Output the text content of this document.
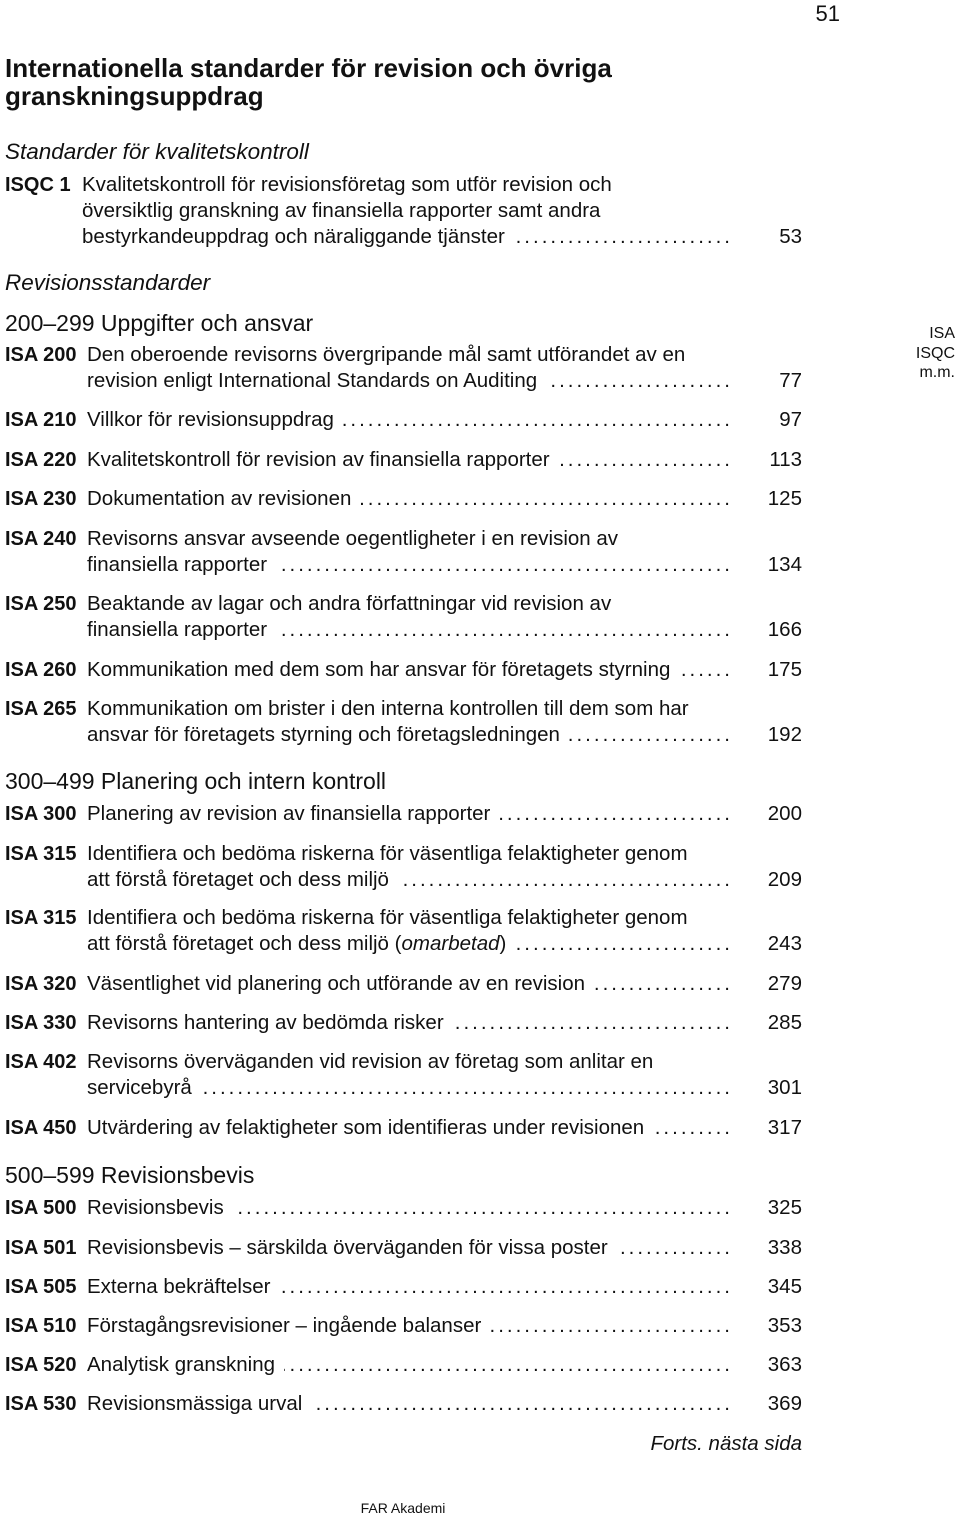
51
Internationella standarder för revision och övriga
granskningsuppdrag
Standarder för kvalitetskontroll
ISQC 1 Kvalitetskontroll för revisionsföretag som utför revision och
översiktlig granskning av finansiella rapporter samt andra
bestyrkandeuppdrag och näraliggande tjänster .....	53
Revisionsstandarder
ISA
ISQC
m.m.
200–299 Uppgifter och ansvar
ISA 200 Den oberoende revisorns övergripande mål samt utförandet av en
revision enligt International Standards on Auditing .....	77
ISA 210 Villkor för revisionsuppdrag .....	97
ISA 220 Kvalitetskontroll för revision av finansiella rapporter .....	113
ISA 230 Dokumentation av revisionen .....	125
ISA 240 Revisorns ansvar avseende oegentligheter i en revision av
finansiella rapporter .....	134
ISA 250 Beaktande av lagar och andra författningar vid revision av
finansiella rapporter .....	166
ISA 260 Kommunikation med dem som har ansvar för företagets styrning .....	175
ISA 265 Kommunikation om brister i den interna kontrollen till dem som har
ansvar för företagets styrning och företagsledningen .....	192
300–499 Planering och intern kontroll
ISA 300 Planering av revision av finansiella rapporter .....	200
ISA 315 Identifiera och bedöma riskerna för väsentliga felaktigheter genom
att förstå företaget och dess miljö .....	209
ISA 315 Identifiera och bedöma riskerna för väsentliga felaktigheter genom
att förstå företaget och dess miljö (omarbetad) .....	243
ISA 320 Väsentlighet vid planering och utförande av en revision .....	279
ISA 330 Revisorns hantering av bedömda risker .....	285
ISA 402 Revisorns överväganden vid revision av företag som anlitar en
servicebyrå .....	301
ISA 450 Utvärdering av felaktigheter som identifieras under revisionen .....	317
500–599 Revisionsbevis
ISA 500 Revisionsbevis .....	325
ISA 501 Revisionsbevis – särskilda överväganden för vissa poster .....	338
ISA 505 Externa bekräftelser .....	345
ISA 510 Förstagångsrevisioner – ingående balanser .....	353
ISA 520 Analytisk granskning .....	363
ISA 530 Revisionsmässiga urval .....	369
Forts. nästa sida
FAR Akademi
